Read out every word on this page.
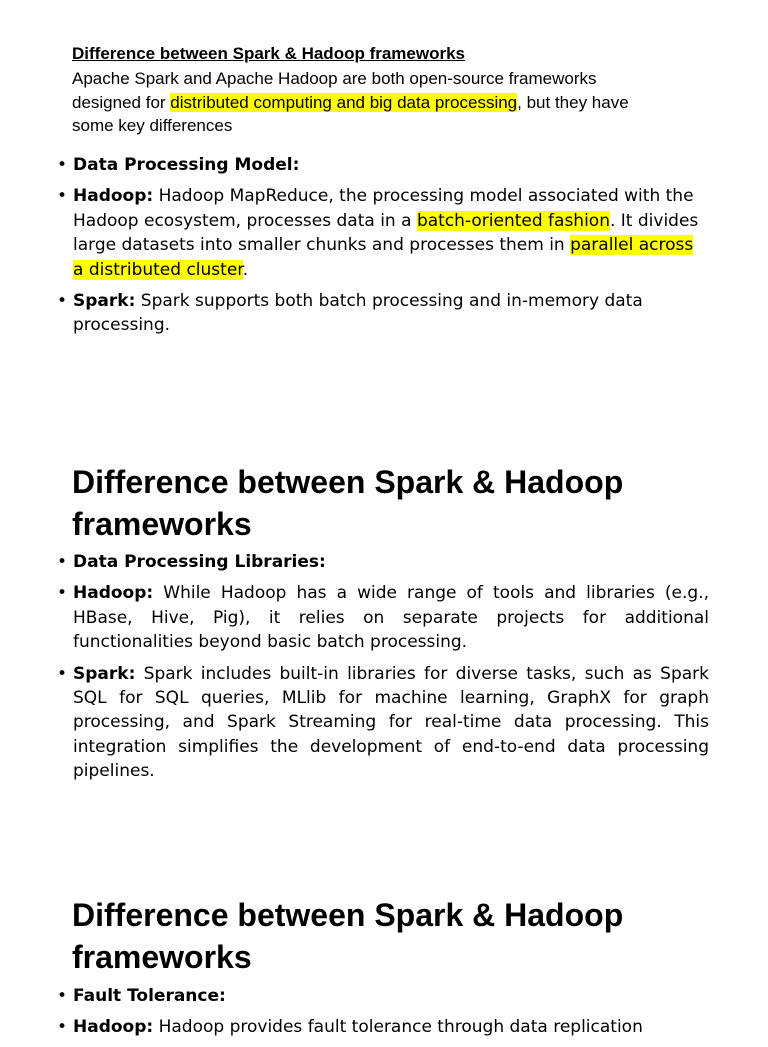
Difference between Spark & Hadoop frameworks

Apache Spark and Apache Hadoop are both open-source frameworks designed for distributed computing and big data processing, but they have some key differences

• Data Processing Model:
• Hadoop: Hadoop MapReduce, the processing model associated with the Hadoop ecosystem, processes data in a batch-oriented fashion. It divides large datasets into smaller chunks and processes them in parallel across a distributed cluster.
• Spark: Spark supports both batch processing and in-memory data processing.
Difference between Spark & Hadoop frameworks
• Data Processing Libraries:
• Hadoop: While Hadoop has a wide range of tools and libraries (e.g., HBase, Hive, Pig), it relies on separate projects for additional functionalities beyond basic batch processing.
• Spark: Spark includes built-in libraries for diverse tasks, such as Spark SQL for SQL queries, MLlib for machine learning, GraphX for graph processing, and Spark Streaming for real-time data processing. This integration simplifies the development of end-to-end data processing pipelines.
Difference between Spark & Hadoop frameworks
• Fault Tolerance:
• Hadoop: Hadoop provides fault tolerance through data replication
